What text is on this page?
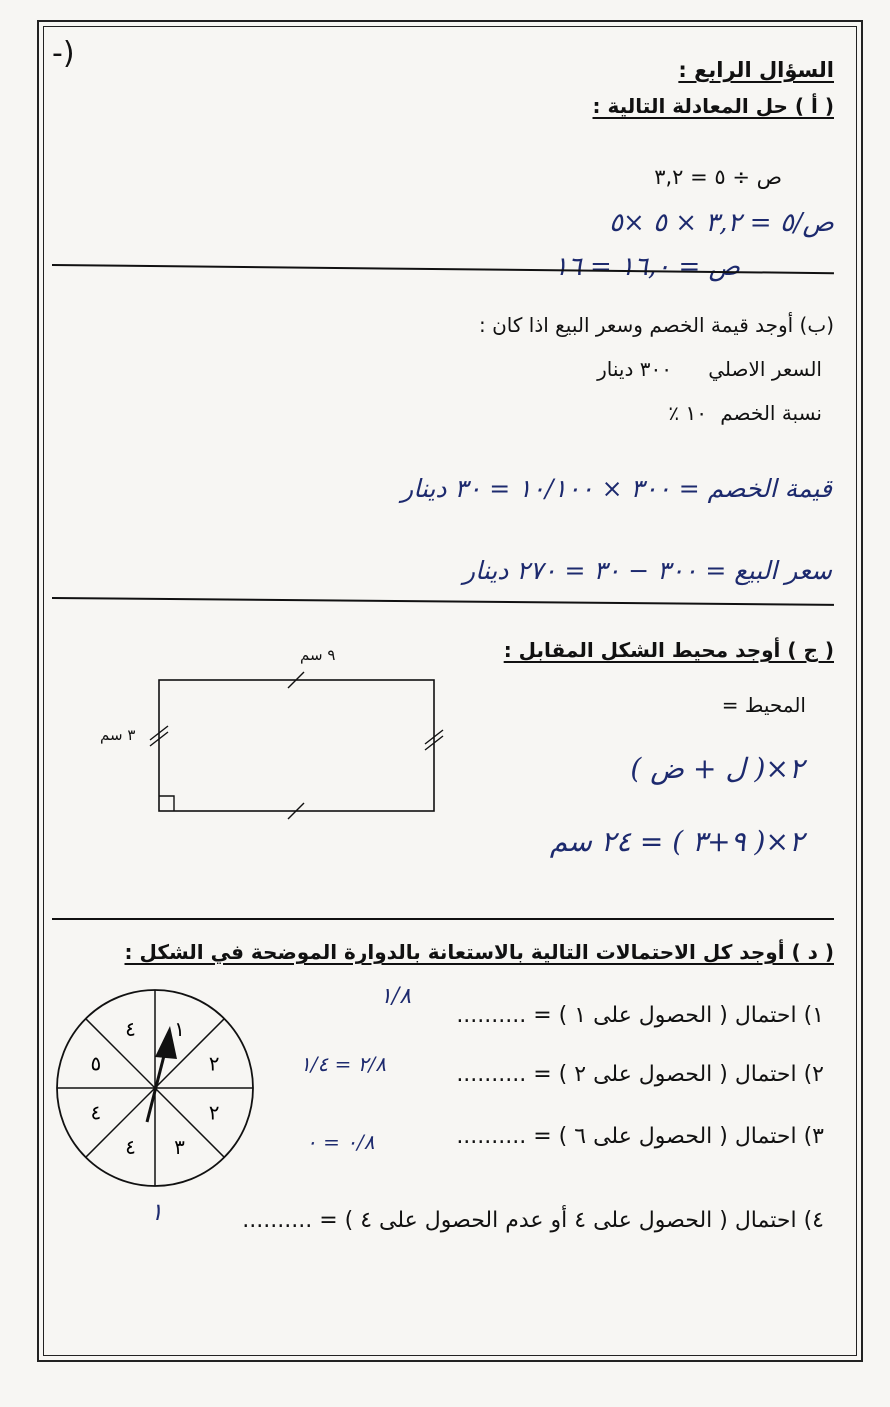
-)	السؤال الرابع :
( أ ) حل المعادلة التالية :
ص ÷ ٥ = ٣,٢
ص/٥ = ٣,٢ × ٥ ×٥
ص = ١٦,٠ = ١٦
(ب) أوجد قيمة الخصم وسعر البيع اذا كان :
السعر الاصلي
٣٠٠ دينار
نسبة الخصم
١٠ ٪
قيمة الخصم = ٣٠٠ × ١٠/١٠٠ = ٣٠ دينار
سعر البيع = ٣٠٠ − ٣٠ = ٢٧٠ دينار
( ج ) أوجد محيط الشكل المقابل :
المحيط =
٢×( ل + ض )
٢×( ٩+٣ ) = ٢٤ سم
٩ سم
٣ سم
( د ) أوجد كل الاحتمالات التالية بالاستعانة بالدوارة الموضحة في الشكل :
١) احتمال ( الحصول على ١ ) = ..........
١/٨
٢) احتمال ( الحصول على ٢ ) = ..........
٢/٨ = ١/٤
٣) احتمال ( الحصول على ٦ ) = ..........
٠/٨ = ٠
٤) احتمال ( الحصول على ٤ أو عدم الحصول على ٤ ) = ..........
١
١
٢
٢
٣
٤
٤
٥
٤
